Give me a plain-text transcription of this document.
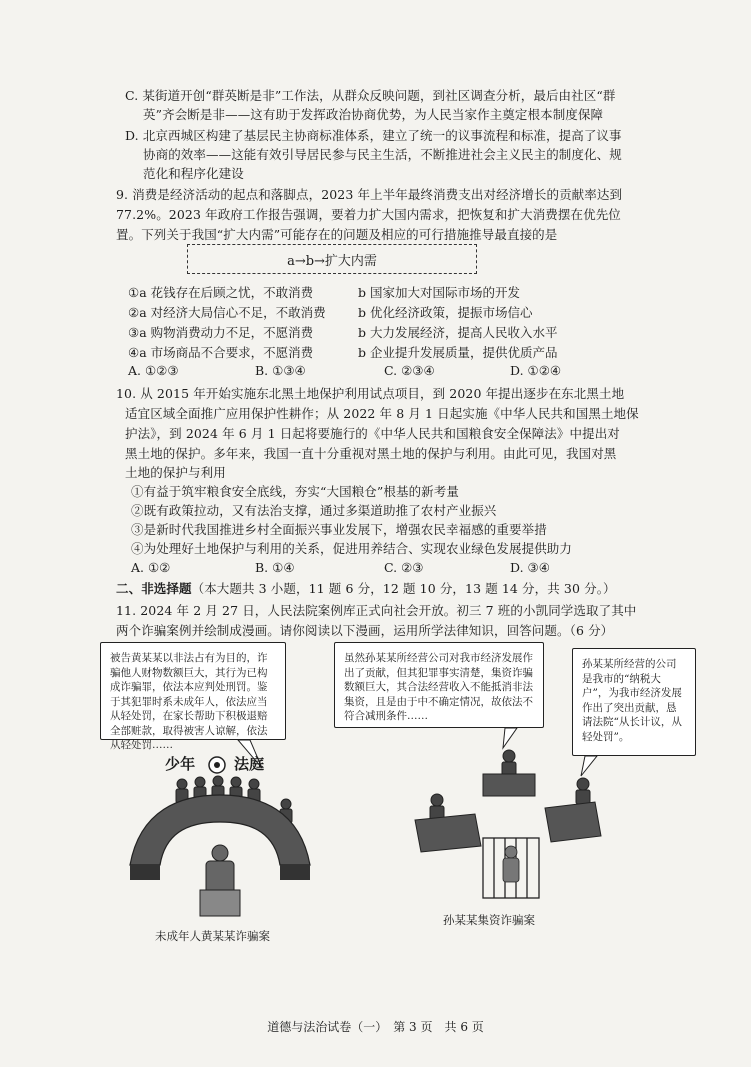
C. 某街道开创“群英断是非”工作法，从群众反映问题，到社区调查分析，最后由社区“群
英”齐会断是非——这有助于发挥政治协商优势，为人民当家作主奠定根本制度保障
D. 北京西城区构建了基层民主协商标准体系，建立了统一的议事流程和标准，提高了议事
协商的效率——这能有效引导居民参与民主生活，不断推进社会主义民主的制度化、规
范化和程序化建设
9. 消费是经济活动的起点和落脚点，2023 年上半年最终消费支出对经济增长的贡献率达到
77.2%。2023 年政府工作报告强调，要着力扩大国内需求，把恢复和扩大消费摆在优先位
置。下列关于我国“扩大内需”可能存在的问题及相应的可行措施推导最直接的是
a→b→扩大内需
①a 花钱存在后顾之忧，不敢消费	b 国家加大对国际市场的开发
②a 对经济大局信心不足，不敢消费	b 优化经济政策，提振市场信心
③a 购物消费动力不足，不愿消费	b 大力发展经济，提高人民收入水平
④a 市场商品不合要求，不愿消费	b 企业提升发展质量，提供优质产品
A. ①②③	B. ①③④	C. ②③④	D. ①②④
10. 从 2015 年开始实施东北黑土地保护利用试点项目，到 2020 年提出逐步在东北黑土地
适宜区域全面推广应用保护性耕作；从 2022 年 8 月 1 日起实施《中华人民共和国黑土地保
护法》，到 2024 年 6 月 1 日起将要施行的《中华人民共和国粮食安全保障法》中提出对
黑土地的保护。多年来，我国一直十分重视对黑土地的保护与利用。由此可见，我国对黑
土地的保护与利用
①有益于筑牢粮食安全底线，夯实“大国粮仓”根基的新考量
②既有政策拉动，又有法治支撑，通过多渠道助推了农村产业振兴
③是新时代我国推进乡村全面振兴事业发展下，增强农民幸福感的重要举措
④为处理好土地保护与利用的关系，促进用养结合、实现农业绿色发展提供助力
A. ①②	B. ①④	C. ②③	D. ③④
二、非选择题（本大题共 3 小题，11 题 6 分，12 题 10 分，13 题 14 分，共 30 分。）
11. 2024 年 2 月 27 日，人民法院案例库正式向社会开放。初三 7 班的小凯同学选取了其中
两个诈骗案例并绘制成漫画。请你阅读以下漫画，运用所学法律知识，回答问题。（6 分）
被告黄某某以非法占有为目的，诈骗他人财物数额巨大，其行为已构成诈骗罪，依法本应判处刑罚。鉴于其犯罪时系未成年人，依法应当从轻处罚，在家长帮助下积极退赔全部赃款，取得被害人谅解，依法从轻处罚……
虽然孙某某所经营公司对我市经济发展作出了贡献，但其犯罪事实清楚，集资诈骗数额巨大，其合法经营收入不能抵消非法集资，且是由于中不确定情况，故依法不符合减刑条件……
孙某某所经营的公司是我市的“纳税大户”，为我市经济发展作出了突出贡献，恳请法院“从长计议，从轻处罚”。
少年	法庭
未成年人黄某某诈骗案
孙某某集资诈骗案
道德与法治试卷（一）　第 3 页　共 6 页
